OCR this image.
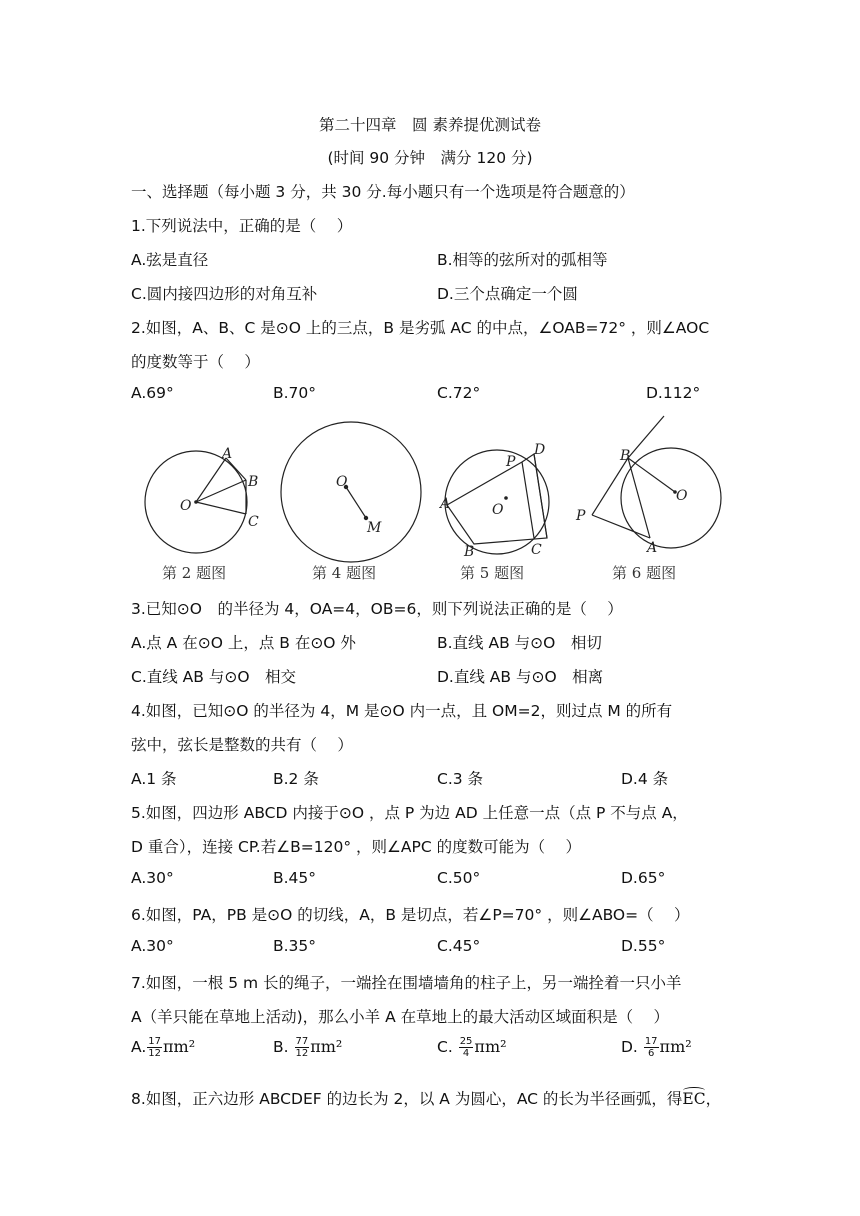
第二十四章　圆 素养提优测试卷
(时间 90 分钟　满分 120 分)
一、选择题（每小题 3 分，共 30 分.每小题只有一个选项是符合题意的）
1.下列说法中，正确的是（　 ）
A.弦是直径	B.相等的弦所对的弧相等
C.圆内接四边形的对角互补	D.三个点确定一个圆
2.如图，A、B、C 是⊙O 上的三点，B 是劣弧 AC 的中点，∠OAB=72° ，则∠AOC
的度数等于（　 ）
A.69°	B.70°	C.72°	D.112°
A
B
O
C
O
M
P
D
A	O
B	C
B
O
P
A
第 2 题图	第 4 题图	第 5 题图	第 6 题图
3.已知⊙O　的半径为 4，OA=4，OB=6，则下列说法正确的是（　 ）
A.点 A 在⊙O 上，点 B 在⊙O 外	B.直线 AB 与⊙O　相切
C.直线 AB 与⊙O　相交	D.直线 AB 与⊙O　相离
4.如图，已知⊙O 的半径为 4，M 是⊙O 内一点，且 OM=2，则过点 M 的所有
弦中，弦长是整数的共有（　 ）
A.1 条	B.2 条	C.3 条	D.4 条
5.如图，四边形 ABCD 内接于⊙O ，点 P 为边 AD 上任意一点（点 P 不与点 A，
D 重合），连接 CP.若∠B=120° ，则∠APC 的度数可能为（　 ）
A.30°	B.45°	C.50°	D.65°
6.如图，PA，PB 是⊙O 的切线，A，B 是切点，若∠P=70° ，则∠ABO=（　 ）
A.30°	B.35°	C.45°	D.55°
7.如图，一根 5 m 长的绳子，一端拴在围墙墙角的柱子上，另一端拴着一只小羊
A（羊只能在草地上活动)，那么小羊 A 在草地上的最大活动区域面积是（　 ）
A. $\frac{17}{12} \pi m^2$	B. $\frac{77}{12} \pi m^2$	C. $\frac{25}{4} \pi m^2$	D. $\frac{17}{6} \pi m^2$
8.如图，正六边形 ABCDEF 的边长为 2，以 A 为圆心，AC 的长为半径画弧，得
EC，
